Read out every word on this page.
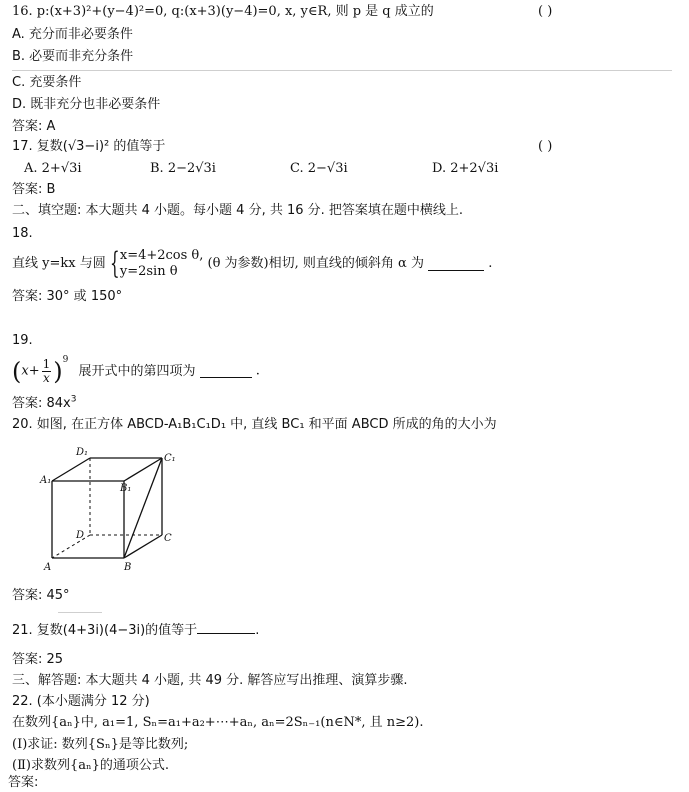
16. p:(x+3)²+(y−4)²=0, q:(x+3)(y−4)=0, x, y∈R, 则 p 是 q 成立的	( )
A. 充分而非必要条件
B. 必要而非充分条件
C. 充要条件
D. 既非充分也非必要条件
答案: A
17. 复数(√3−i)² 的值等于	( )
A. 2+√3i	B. 2−2√3i	C. 2−√3i	D. 2+2√3i
答案: B
二、填空题: 本大题共 4 小题。每小题 4 分, 共 16 分. 把答案填在题中横线上.
18.
直线 y=kx 与圆 { x=4+2cos θ,
y=2sin θ
(θ 为参数)相切, 则直线的倾斜角 α 为	.
答案: 30° 或 150°
19.
$(x+ \frac{1}{x} )^9$ 展开式中的第四项为	.
答案: $84x^3$
20. 如图, 在正方体 ABCD-A₁B₁C₁D₁ 中, 直线 BC₁ 和平面 ABCD 所成的角的大小为
D₁
C₁
A₁
B₁
D	C
A	B
答案: 45°
21. 复数(4+3i)(4−3i)的值等于	.
答案: 25
三、解答题: 本大题共 4 小题, 共 49 分. 解答应写出推理、演算步骤.
22. (本小题满分 12 分)
在数列{aₙ}中, a₁=1, Sₙ=a₁+a₂+⋯+aₙ, aₙ=2Sₙ₋₁(n∈N*, 且 n≥2).
(Ⅰ)求证: 数列{Sₙ}是等比数列;
(Ⅱ)求数列{aₙ}的通项公式.
答案:
